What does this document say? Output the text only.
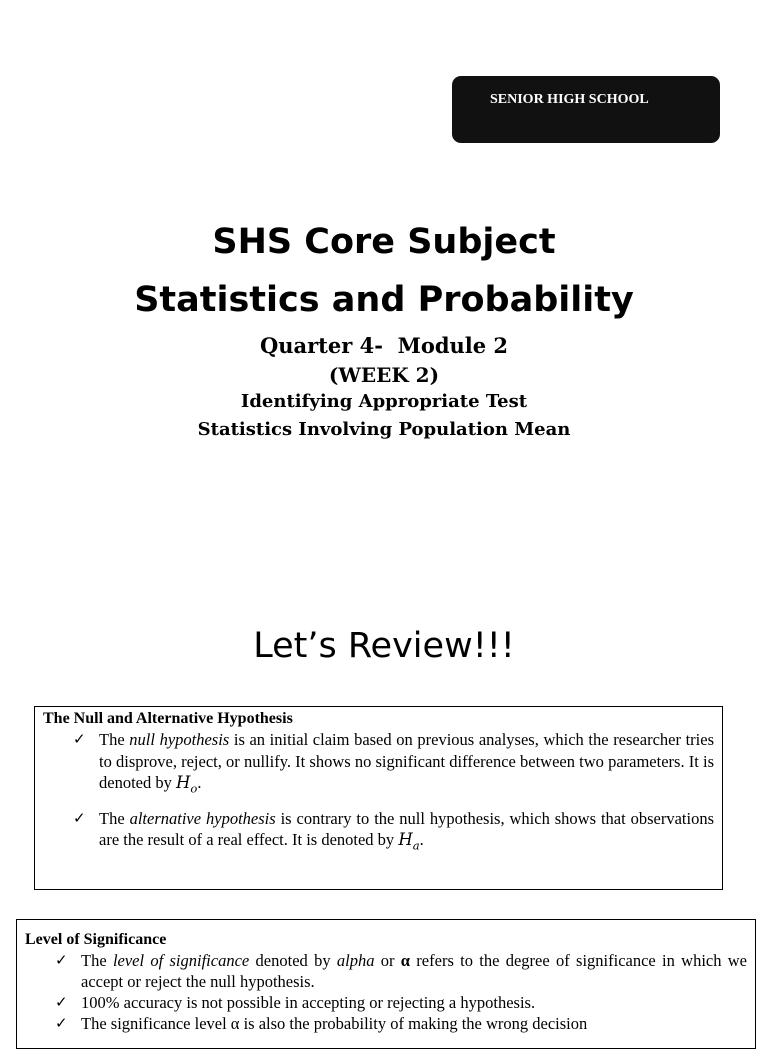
SENIOR HIGH SCHOOL
SHS Core Subject
Statistics and Probability
Quarter 4-  Module 2
(WEEK 2)
Identifying Appropriate Test
Statistics Involving Population Mean
Let’s Review!!!
The Null and Alternative Hypothesis
✓ The null hypothesis is an initial claim based on previous analyses, which the researcher tries to disprove, reject, or nullify. It shows no significant difference between two parameters. It is denoted by $H_o$.
✓ The alternative hypothesis is contrary to the null hypothesis, which shows that observations are the result of a real effect. It is denoted by $H_a$.
Level of Significance
✓ The level of significance denoted by alpha or α refers to the degree of significance in which we accept or reject the null hypothesis.
✓ 100% accuracy is not possible in accepting or rejecting a hypothesis.
✓ The significance level α is also the probability of making the wrong decision
